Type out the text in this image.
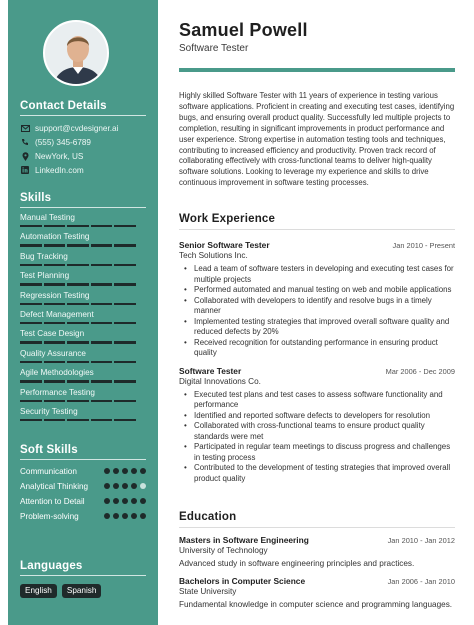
Contact Details
support@cvdesigner.ai
(555) 345-6789
NewYork, US
LinkedIn.com
Skills
Manual Testing
Automation Testing
Bug Tracking
Test Planning
Regression Testing
Defect Management
Test Case Design
Quality Assurance
Agile Methodologies
Performance Testing
Security Testing
Soft Skills
Communication
Analytical Thinking
Attention to Detail
Problem-solving
Languages
English	Spanish
Samuel Powell
Software Tester

Highly skilled Software Tester with 11 years of experience in testing various software applications. Proficient in creating and executing test cases, identifying bugs, and ensuring overall product quality. Successfully led multiple projects to completion, resulting in significant improvements in product performance and user experience. Strong expertise in automation testing tools and techniques, contributing to increased efficiency and productivity. Proven track record of collaborating effectively with cross-functional teams to deliver high-quality software solutions. Looking to leverage my experience and skills to drive continuous improvement in software testing processes.

Work Experience
Senior Software Tester	Jan 2010 - Present
Tech Solutions Inc.
• Lead a team of software testers in developing and executing test cases for multiple projects
• Performed automated and manual testing on web and mobile applications
• Collaborated with developers to identify and resolve bugs in a timely manner
• Implemented testing strategies that improved overall software quality and reduced defects by 20%
• Received recognition for outstanding performance in ensuring product quality
Software Tester	Mar 2006 - Dec 2009
Digital Innovations Co.
• Executed test plans and test cases to assess software functionality and performance
• Identified and reported software defects to developers for resolution
• Collaborated with cross-functional teams to ensure product quality standards were met
• Participated in regular team meetings to discuss progress and challenges in testing process
• Contributed to the development of testing strategies that improved overall product quality
Education
Masters in Software Engineering	Jan 2010 - Jan 2012
University of Technology
Advanced study in software engineering principles and practices.
Bachelors in Computer Science	Jan 2006 - Jan 2010
State University
Fundamental knowledge in computer science and programming languages.
